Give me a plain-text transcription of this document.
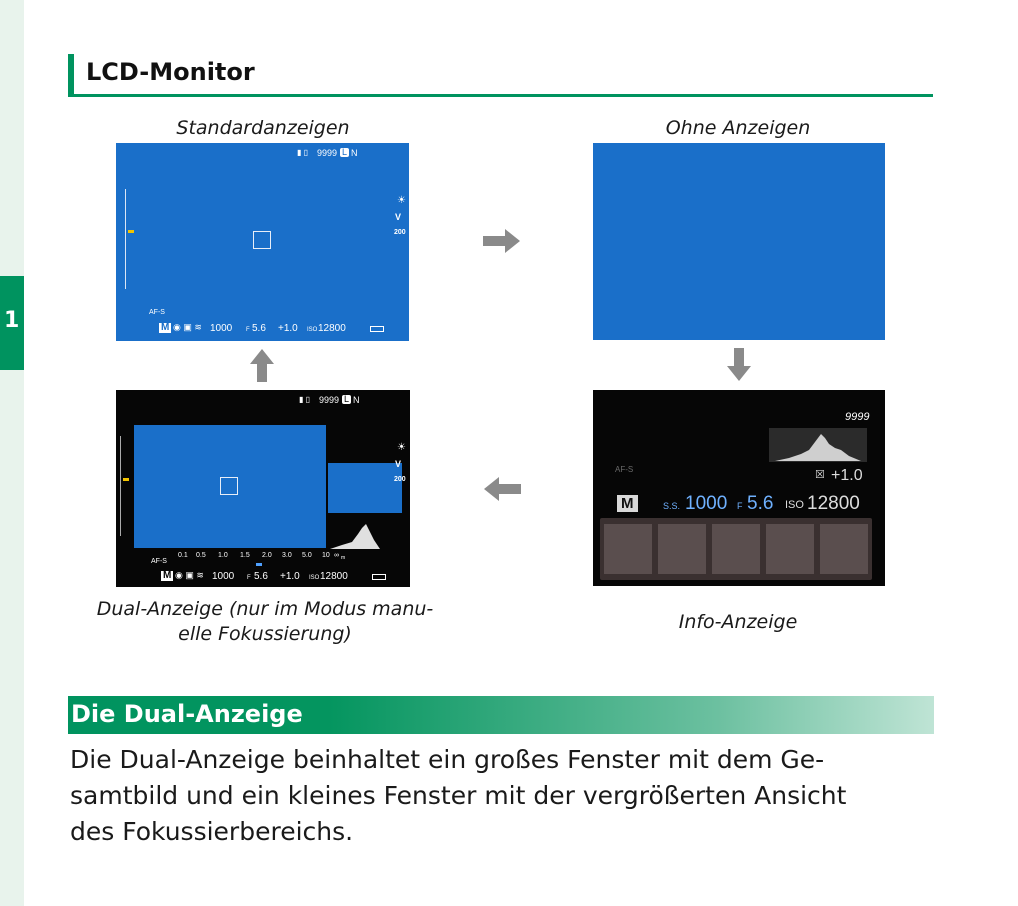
1
LCD-Monitor
Standardanzeigen	Ohne Anzeigen
Info-Anzeige
Dual-Anzeige (nur im Modus manu-
elle Fokussierung)
▮ ▯ 9999 L N
☀
V
200
AF-S
M ◉ ▣ ≋ 1000 F 5.6 +1.0 ISO 12800
9999
AF-S	☒ +1.0
M	S.S. 1000 F 5.6 ISO 12800
▮ ▯ 9999 L N
☀
V
200
AF-S
0.1 0.5 1.0 1.5 2.0 3.0 5.0 10 ∞ m
M ◉ ▣ ≋ 1000 F 5.6 +1.0 ISO 12800
Die Dual-Anzeige
Die Dual-Anzeige beinhaltet ein großes Fenster mit dem Ge-
samtbild und ein kleines Fenster mit der vergrößerten Ansicht
des Fokussierbereichs.
